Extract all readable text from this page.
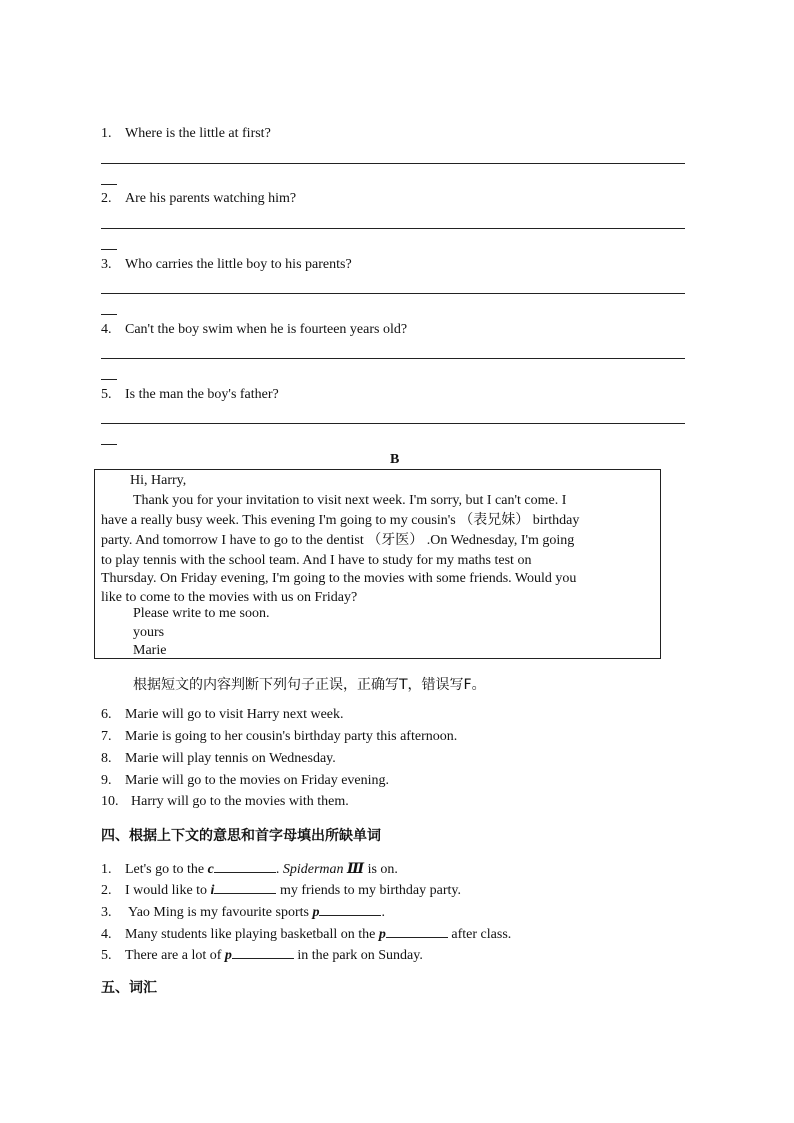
1. Where is the little at first?
2. Are his parents watching him?
3. Who carries the little boy to his parents?
4. Can't the boy swim when he is fourteen years old?
5. Is the man the boy's father?
B
Hi, Harry,
Thank you for your invitation to visit next week. I'm sorry, but I can't come. I
have a really busy week. This evening I'm going to my cousin's （表兄妹） birthday
party. And tomorrow I have to go to the dentist （牙医） .On Wednesday, I'm going
to play tennis with the school team. And I have to study for my maths test on
Thursday. On Friday evening, I'm going to the movies with some friends. Would you
like to come to the movies with us on Friday?
Please write to me soon.
yours
Marie
根据短文的内容判断下列句子正误，正确写T，错误写F。
6. Marie will go to visit Harry next week.
7. Marie is going to her cousin's birthday party this afternoon.
8. Marie will play tennis on Wednesday.
9. Marie will go to the movies on Friday evening.
10. Harry will go to the movies with them.
四、根据上下文的意思和首字母填出所缺单词
1. Let's go to the c	. Spiderman Ⅲ is on.
2. I would like to i	my friends to my birthday party.
3. Yao Ming is my favourite sports p	.
4. Many students like playing basketball on the p	after class.
5. There are a lot of p	in the park on Sunday.
五、词汇
